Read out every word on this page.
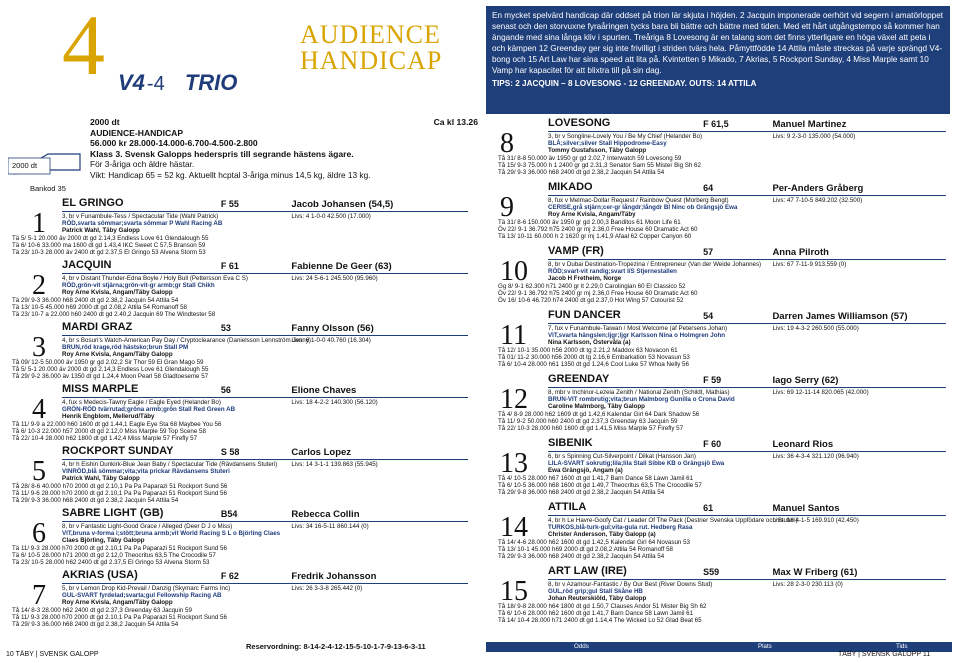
4	AUDIENCE
HANDICAP
V4 -4 TRIO
En mycket spelvärd handicap där oddset på trion lär skjuta i höjden. 2 Jacquin imponerade oerhört vid segern i amatörloppet senast och den storvuxne fyraåringen tycks bara bli bättre och bättre med tiden. Med ett hårt utgångstempo så kommer han ängande med sina långa kliv i spurten. Treåriga 8 Lovesong är en talang som det finns ytterligare en höga växel att peta i och kämpen 12 Greenday ger sig inte frivilligt i striden tvärs hela. Påmyttfödde 14 Attila måste streckas på varje sprängd V4-bong och 15 Art Law har sina speed att lita på. Kvintetten 9 Mikado, 7 Akrias, 5 Rockport Sunday, 4 Miss Marple samt 10 Vamp har kapacitet för att blixtra till på sin dag.
TIPS: 2 JACQUIN – 8 LOVESONG - 12 GREENDAY. OUTS: 14 ATTILA
Ca kl 13.26
2000 dt
AUDIENCE-HANDICAP
56.000 kr 28.000-14.000-6.700-4.500-2.800
Klass 3. Svensk Galopps hederspris till segrande hästens ägare.
För 3-åriga och äldre hästar.
Vikt: Handicap 65 = 52 kg. Aktuellt hcptal 3-åriga minus 14,5 kg, äldre 13 kg.
2000 dt
Bankod 35
1
EL GRINGO	F 55	Jacob Johansen (54,5)
3, br v Funambule-Tess / Spectacular Tide (Wahl Patrick)
RÖD,svarta sömmar;svarta sömmar P Wahl Racing AB
Patrick Wahl, Täby Galopp
Livs: 4 1-0-0 42.500 (17.000)
Tä 5/ 5-1 20.000 äv 2000 dt gd 2.14,3 Endless Love 61 Glendalough 55
Tä 6/ 10-6 33.000 ma 1600 dt gd 1.43,4 IKC Sweet C 57,5 Branson 59
Tä 23/ 10-3 28.000 äv 2400 dt gd 2.37,5 El Gringo 53 Alvena Storm 53
2
JACQUIN	F 61	Fabienne De Geer (63)
4, br v Distant Thunder-Edna Boyle / Holy Bull (Pettersson Eva C S)
RÖD,grön-vit stjärna;grön-vit-gr armb;gr Stall Chikh
Roy Arne Kvisla, Angam/Täby Galopp
Livs: 24 5-6-1 245.500 (95.960)
Tä 29/ 9-3 36.000 h68 2400 dt gd 2.38,2 Jacquin 54 Attila 54
Tä 13/ 10-5 45.000 h69 2000 dt gd 2.08,2 Attila 54 Romanoff 58
Tä 23/ 10-7 a 22.000 h60 2400 dt gd 2.40,2 Jacquin 69 The Windtester 58
3
MARDI GRAZ	53	Fanny Olsson (56)
4, br s Bosun's Watch-American Pay Day / Cryptoclearance (Danielsson Lennström Jenny)
BRUN,röd krage,röd hästsko;brun Stall PM
Roy Arne Kvisla, Angam/Täby Galopp
Livs: 6 1-0-0 40.760 (16.304)
Tå 09/ 12-5 50.000 äv 1950 gr gd 2.02,2 Sir Thor 59 El Gran Mago 59
Tå 5/ 5-1 20.000 äv 2000 dt gd 2.14,3 Endless Love 61 Glendalough 55
Tå 29/ 9-2 36.000 äv 1350 dt gd 1.24,4 Moon Pearl 58 Gladtoeseme 57
4
MISS MARPLE	56	Elione Chaves
4, fux s Medecis-Tawny Eagle / Eagle Eyed (Helander Bo)
GRÖN-RÖD tvärrutad;gröna armb;grön Stall Red Green AB
Henrik Engblom, Mellerud/Täby
Livs: 18 4-2-2 140.300 (56.120)
Tå 11/ 9-9 a 22.000 h60 1600 dt gd 1.44,1 Eagle Eye Sta 68 Maybee You 56
Tå 6/ 10-3 22.000 h57 2000 dt gd 2.12,0 Miss Marple 59 Top Scene 58
Tå 22/ 10-4 28.000 h62 1800 dt gd 1.42,4 Miss Marple 57 Firefly 57
5
ROCKPORT SUNDAY	S 58	Carlos Lopez
4, br h Eishin Dunkirk-Blue Jean Baby / Spectacular Tide (Rävdansens Stuteri)
VINRÖD,blå sömmar;vita;vita prickar Rävdansens Stuteri
Patrick Wahl, Täby Galopp
Livs: 14 3-1-1 139.863 (55.945)
Tå 28/ 8-6 40.000 h70 2000 dt gd 2.10,1 Pa Pa Paparazi 51 Rockport Sund 56
Tå 11/ 9-6 28.000 h70 2000 dt gd 2.10,1 Pa Pa Paparazi 51 Rockport Sund 56
Tå 29/ 9-3 36.000 h68 2400 dt gd 2.38,2 Jacquin 54 Attila 54
6
SABRE LIGHT (GB)	B54	Rebecca Collin
8, br v Fantastic Light-Good Grace / Alleged (Deer D J o Miss)
VIT,bruna v-forma i;stött;bruna armb;vit World Racing S L o Björling Claes
Claes Björling, Täby Galopp
Livs: 34 16-5-11 860.144 (0)
Tä 11/ 9-3 28.000 h70 2000 dt gd 2.10,1 Pa Pa Paparazi 51 Rockport Sund 56
Tä 6/ 10-5 28.000 h71 2000 dt gd 2.12,0 Theocritus 63,5 The Crocodile 57
Tä 23/ 10-5 28.000 h62 2400 dt gd 2.37,5 El Gringo 53 Alvena Storm 53
7
AKRIAS (USA)	F 62	Fredrik Johansson
5, br v Lemon Drop Kid-Prevail / Danzig (Skymarc Farms Inc)
GUL-SVART fyrdelad;svarta;gul Fellowship Racing AB
Roy Arne Kvisla, Angam/Täby Galopp
Livs: 26 3-3-8 265.442 (0)
Tå 14/ 8-3 28.000 h62 2400 dt gd 2.37,3 Greenday 63 Jacquin 59
Tå 11/ 9-3 28.000 h70 2000 dt gd 2.10,1 Pa Pa Paparazi 51 Rockport Sund 56
Tå 29/ 9-3 36.000 h68 2400 dt gd 2.38,2 Jacquin 54 Attila 54
8
LOVESONG	F 61,5	Manuel Martinez
3, br v Songline-Lovely You / Be My Chief (Helander Bo)
BLÅ;silver;silver Stall Hippodrome-Easy
Tommy Gustafsson, Täby Galopp
Livs: 9 2-3-0 135.000 (54.000)
Tå 31/ 8-8 50.000 äv 1950 gr gd 2.02,7 Interwatch 59 Lovesong 59
Tå 15/ 9-3 75.000 h 1 2400 gr gd 2.31,3 Senator Sam 55 Mister Big Sh 62
Tå 29/ 9-3 36.000 h68 2400 dt gd 2.38,2 Jacquin 54 Attila 54
9
MIKADO	64	Per-Anders Gråberg
8, fux v Melmac-Dollar Request / Rainbow Quest (Morberg Bengt)
CERISE,grå stjärn;cer-gr långdr;långdr Bl Ninc ob Grängsjö Ewa
Roy Arne Kvisla, Angam/Täby
Livs: 47 7-10-5 849.202 (32.500)
Tä 31/ 8-6 150.000 äv 1950 gr gd 2.00,3 Banditos 61 Moon Life 61
Öv 22/ 9-1 36.792 h75 2400 gr mj 2.36,0 Free House 60 Dramatic Act 60
Tä 13/ 10-11 60.000 h 2 1620 gr mj 1.41,9 Afaal 62 Copper Canyon 60
10
VAMP (FR)	57	Anna Pilroth
8, br v Dubai Destination-Tropezina / Entrepreneur (Van der Weide Johannes)
RÖD;svart-vit randig;svart I/S Stjernestallen
Jacob H Fretheim, Norge
Livs: 67 7-11-9 913.559 (0)
Gg 8/ 9-1 62.300 h71 2400 gr lt 2.29,0 Carolingian 60 El Classico 52
Öv 22/ 9-1 36.792 h75 2400 gr mj 2.36,0 Free House 60 Dramatic Act 60
Öv 16/ 10-6 46.720 h74 2400 dt gd 2.37,0 Hot Wing 57 Colourist 52
11
FUN DANCER	54	Darren James Williamson (57)
7, fux v Funambule-Taiwan / Most Welcome (af Petersens Johan)
VIT,svarta hängslen;ljgr;ljgr Karlsson Nina o Holmgren John
Nina Karlsson, Östervåla (a)
Livs: 19 4-3-2 260.500 (55.000)
Tå 12/ 10-1 35.000 h56 2000 dt tg 2.21,2 Maddox 63 Novacon 61
Tå 01/ 11-2 30.000 h56 2000 dt tg 2.16,6 Embarkation 53 Novasun 53
Tå 6/ 10-4 28.000 h61 1350 dt gd 1.24,6 Cool Luke 57 Whoa Nelly 56
12
GREENDAY	F 59	Iago Serry (62)
8, mbr v Inchinor-Lezeia Zenith / National Zenith (Schildt, Mathias)
BRUN-VIT rombrutig;vita;brun Malmborg Gunilla o Crona David
Caroline Malmborg, Täby Galopp
Livs: 69 12-11-14 820.065 (42.000)
Tå 4/ 8-9 28.000 h62 1609 dt gd 1.42,6 Kalendar Girl 64 Dark Shadow 56
Tå 11/ 9-2 50.000 h60 2400 dt gd 2.37,3 Greenday 63 Jacquin 59
Tå 22/ 10-3 28.000 h60 1600 dt gd 1.41,5 Miss Marple 57 Firefly 57
13
SIBENIK	F 60	Leonard Rios
6, br s Spinning Cut-Silverpoint / Dilkat (Hansson Jan)
LILA-SVART sokrutig;lila;lila Stall Sibbe KB o Grängsjö Ewa
Ewa Grängsjö, Angam (a)
Livs: 36 4-3-4 321.120 (96.940)
Tå 4/ 10-5 28.000 h67 1600 dt gd 1.41,7 Barn Dance 58 Lawn Jamil 61
Tå 6/ 10-5 36.000 h68 1600 dt gd 1.49,7 Theocritus 63,5 The Crocodile 57
Tå 29/ 9-8 36.000 h68 2400 dt gd 2.38,2 Jacquin 54 Attila 54
14
ATTILA	61	Manuel Santos
4, br h Le Havre-Goofy Cat / Leader Of The Pack (Destrier Svenska Uppfödare och Stuteri)
TURKOS,blå-turk-gul;vita-gula rut. Hedberg Rasa
Christer Andersson, Täby Galopp (a)
Livs: 16 4-1-5 169.910 (42.450)
Tå 14/ 4-6 28.000 h62 1600 dt gd 1.42,5 Kalendar Girl 64 Novasun 53
Tå 13/ 10-1 45.000 h69 2000 dt gd 2.08,2 Attila 54 Romanoff 58
Tå 29/ 9-3 36.000 h68 2400 dt gd 2.38,2 Jacquin 54 Attila 54
15
ART LAW (IRE)	S59	Max W Friberg (61)
8, br v Azamour-Fantastic / By Our Best (River Downs Stud)
GUL,röd grip;gul Stall Skåne HB
Johan Reuterskiöld, Täby Galopp
Livs: 28 2-3-0 230.113 (0)
Tå 18/ 9-8 28.000 h64 1800 dt gd 1.50,7 Clauses Andor 51 Mister Big Sh 62
Tå 6/ 10-6 28.000 h62 1600 dt gd 1.41,7 Barn Dance 58 Lawn Jamil 61
Tå 14/ 10-4 28.000 h71 2400 dt gd 1.14,4 The Wicked Lo 52 Glad Beat 65
Reservordning: 8-14-2-4-12-15-5-10-1-7-9-13-6-3-11	Odds	Plats	Tids
10 TÄBY | SVENSK GALOPP	TÄBY | SVENSK GALOPP 11
